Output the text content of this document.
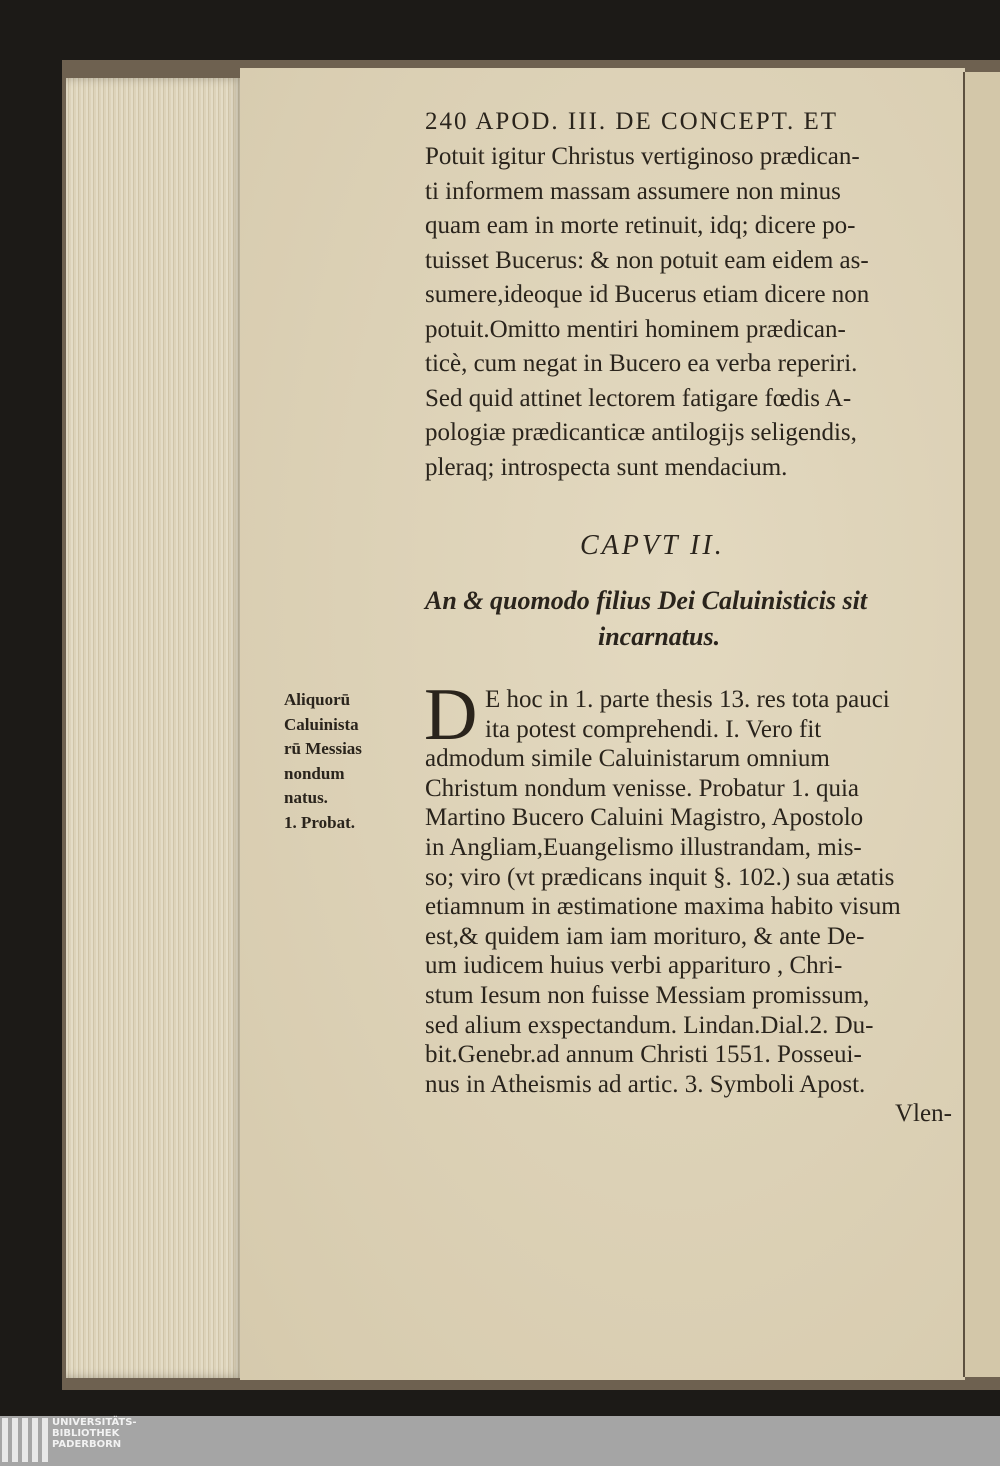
240 APOD. III. DE CONCEPT. ET
Potuit igitur Christus vertiginoso prædican-
ti informem massam assumere non minus
quam eam in morte retinuit, idq; dicere po-
tuisset Bucerus: & non potuit eam eidem as-
sumere,ideoque id Bucerus etiam dicere non
potuit.Omitto mentiri hominem prædican-
ticè, cum negat in Bucero ea verba reperiri.
Sed quid attinet lectorem fatigare fœdis A-
pologiæ prædicanticæ antilogijs seligendis,
pleraq; introspecta sunt mendacium.
CAPVT II.
An & quomodo filius Dei Caluinisticis sit
incarnatus.
Aliquorū
Caluinista
rū Messias
nondum
natus.
1. Probat.
D E hoc in 1. parte thesis 13. res tota pauci
ita potest comprehendi. I. Vero fit
admodum simile Caluinistarum omnium
Christum nondum venisse. Probatur 1. quia
Martino Bucero Caluini Magistro, Apostolo
in Angliam,Euangelismo illustrandam, mis-
so; viro (vt prædicans inquit §. 102.) sua ætatis
etiamnum in æstimatione maxima habito visum
est,& quidem iam iam morituro, & ante De-
um iudicem huius verbi apparituro , Chri-
stum Iesum non fuisse Messiam promissum,
sed alium exspectandum. Lindan.Dial.2. Du-
bit.Genebr.ad annum Christi 1551. Posseui-
nus in Atheismis ad artic. 3. Symboli Apost.
Vlen-
UNIVERSITÄTS-
BIBLIOTHEK
PADERBORN
